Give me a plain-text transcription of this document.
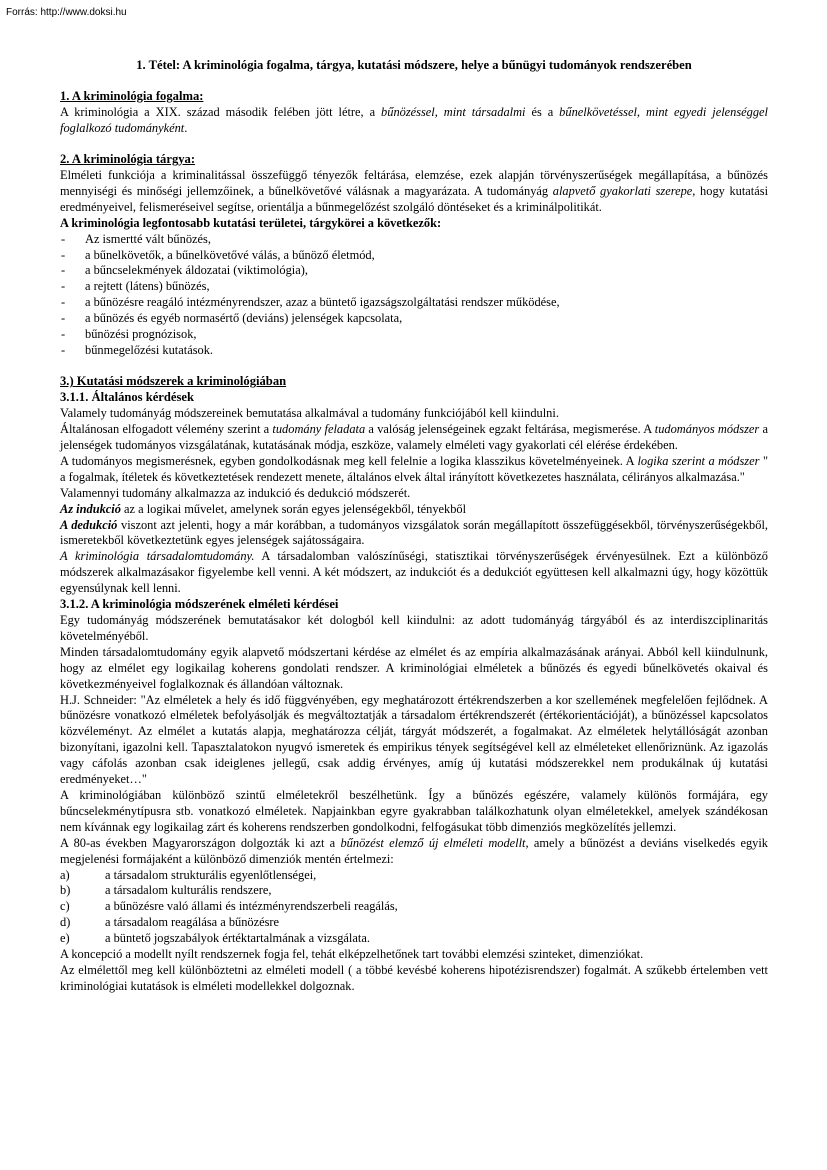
Forrás: http://www.doksi.hu
1. Tétel: A kriminológia fogalma, tárgya, kutatási módszere, helye a bűnügyi tudományok rendszerében
1. A kriminológia fogalma:

A kriminológia a XIX. század második felében jött létre, a bűnözéssel, mint társadalmi és a bűnelkövetéssel, mint egyedi jelenséggel foglalkozó tudományként.

2. A kriminológia tárgya:

Elméleti funkciója a kriminalitással összefüggő tényezők feltárása, elemzése, ezek alapján törvényszerűségek megállapítása, a bűnözés mennyiségi és minőségi jellemzőinek, a bűnelkövetővé válásnak a magyarázata. A tudományág alapvető gyakorlati szerepe, hogy kutatási eredményeivel, felismeréseivel segítse, orientálja a bűnmegelőzést szolgáló döntéseket és a kriminálpolitikát.

A kriminológia legfontosabb kutatási területei, tárgykörei a következők:

- Az ismertté vált bűnözés,
- a bűnelkövetők, a bűnelkövetővé válás, a bűnöző életmód,
- a bűncselekmények áldozatai (viktimológia),
- a rejtett (látens) bűnözés,
- a bűnözésre reagáló intézményrendszer, azaz a büntető igazságszolgáltatási rendszer működése,
- a bűnözés és egyéb normasértő (deviáns) jelenségek kapcsolata,
- bűnözési prognózisok,
- bűnmegelőzési kutatások.
3.) Kutatási módszerek a kriminológiában
3.1.1. Általános kérdések

Valamely tudományág módszereinek bemutatása alkalmával a tudomány funkciójából kell kiindulni.

Általánosan elfogadott vélemény szerint a tudomány feladata a valóság jelenségeinek egzakt feltárása, megismerése. A tudományos módszer a jelenségek tudományos vizsgálatának, kutatásának módja, eszköze, valamely elméleti vagy gyakorlati cél elérése érdekében.

A tudományos megismerésnek, egyben gondolkodásnak meg kell felelnie a logika klasszikus követelményeinek. A logika szerint a módszer " a fogalmak, ítéletek és következtetések rendezett menete, általános elvek által irányított következetes használata, célirányos alkalmazása."

Valamennyi tudomány alkalmazza az indukció és dedukció módszerét.

Az indukció az a logikai művelet, amelynek során egyes jelenségekből, tényekből

A dedukció viszont azt jelenti, hogy a már korábban, a tudományos vizsgálatok során megállapított összefüggésekből, törvényszerűségekből, ismeretekből következtetünk egyes jelenségek sajátosságaira.

A kriminológia társadalomtudomány. A társadalomban valószínűségi, statisztikai törvényszerűségek érvényesülnek. Ezt a különböző módszerek alkalmazásakor figyelembe kell venni. A két módszert, az indukciót és a dedukciót együttesen kell alkalmazni úgy, hogy közöttük egyensúlynak kell lenni.

3.1.2. A kriminológia módszerének elméleti kérdései

Egy tudományág módszerének bemutatásakor két dologból kell kiindulni: az adott tudományág tárgyából és az interdiszciplinaritás követelményéből.

Minden társadalomtudomány egyik alapvető módszertani kérdése az elmélet és az empíria alkalmazásának arányai. Abból kell kiindulnunk, hogy az elmélet egy logikailag koherens gondolati rendszer. A kriminológiai elméletek a bűnözés és egyedi bűnelkövetés okaival és következményeivel foglalkoznak és állandóan változnak.

H.J. Schneider: "Az elméletek a hely és idő függvényében, egy meghatározott értékrendszerben a kor szellemének megfelelően fejlődnek. A bűnözésre vonatkozó elméletek befolyásolják és megváltoztatják a társadalom értékrendszerét (értékorientációját), a bűnözéssel kapcsolatos közvéleményt. Az elmélet a kutatás alapja, meghatározza célját, tárgyát módszerét, a fogalmakat. Az elméletek helytállóságát azonban bizonyítani, igazolni kell. Tapasztalatokon nyugvó ismeretek és empirikus tények segítségével kell az elméleteket ellenőriznünk. Az igazolás vagy cáfolás azonban csak ideiglenes jellegű, csak addig érvényes, amíg új kutatási módszerekkel nem produkálnak új kutatási eredményeket…"

A kriminológiában különböző szintű elméletekről beszélhetünk. Így a bűnözés egészére, valamely különös formájára, egy bűncselekménytípusra stb. vonatkozó elméletek. Napjainkban egyre gyakrabban találkozhatunk olyan elméletekkel, amelyek szándékosan nem kívánnak egy logikailag zárt és koherens rendszerben gondolkodni, felfogásukat több dimenziós megközelítés jellemzi.

A 80-as években Magyarországon dolgozták ki azt a bűnözést elemző új elméleti modellt, amely a bűnözést a deviáns viselkedés egyik megjelenési formájaként a különböző dimenziók mentén értelmezi:

a)	a társadalom strukturális egyenlőtlenségei,
b)	a társadalom kulturális rendszere,
c)	a bűnözésre való állami és intézményrendszerbeli reagálás,
d)	a társadalom reagálása a bűnözésre
e)	a büntető jogszabályok értéktartalmának a vizsgálata.

A koncepció a modellt nyílt rendszernek fogja fel, tehát elképzelhetőnek tart további elemzési szinteket, dimenziókat.

Az elmélettől meg kell különböztetni az elméleti modell ( a többé kevésbé koherens hipotézisrendszer) fogalmát. A szűkebb értelemben vett kriminológiai kutatások is elméleti modellekkel dolgoznak.
